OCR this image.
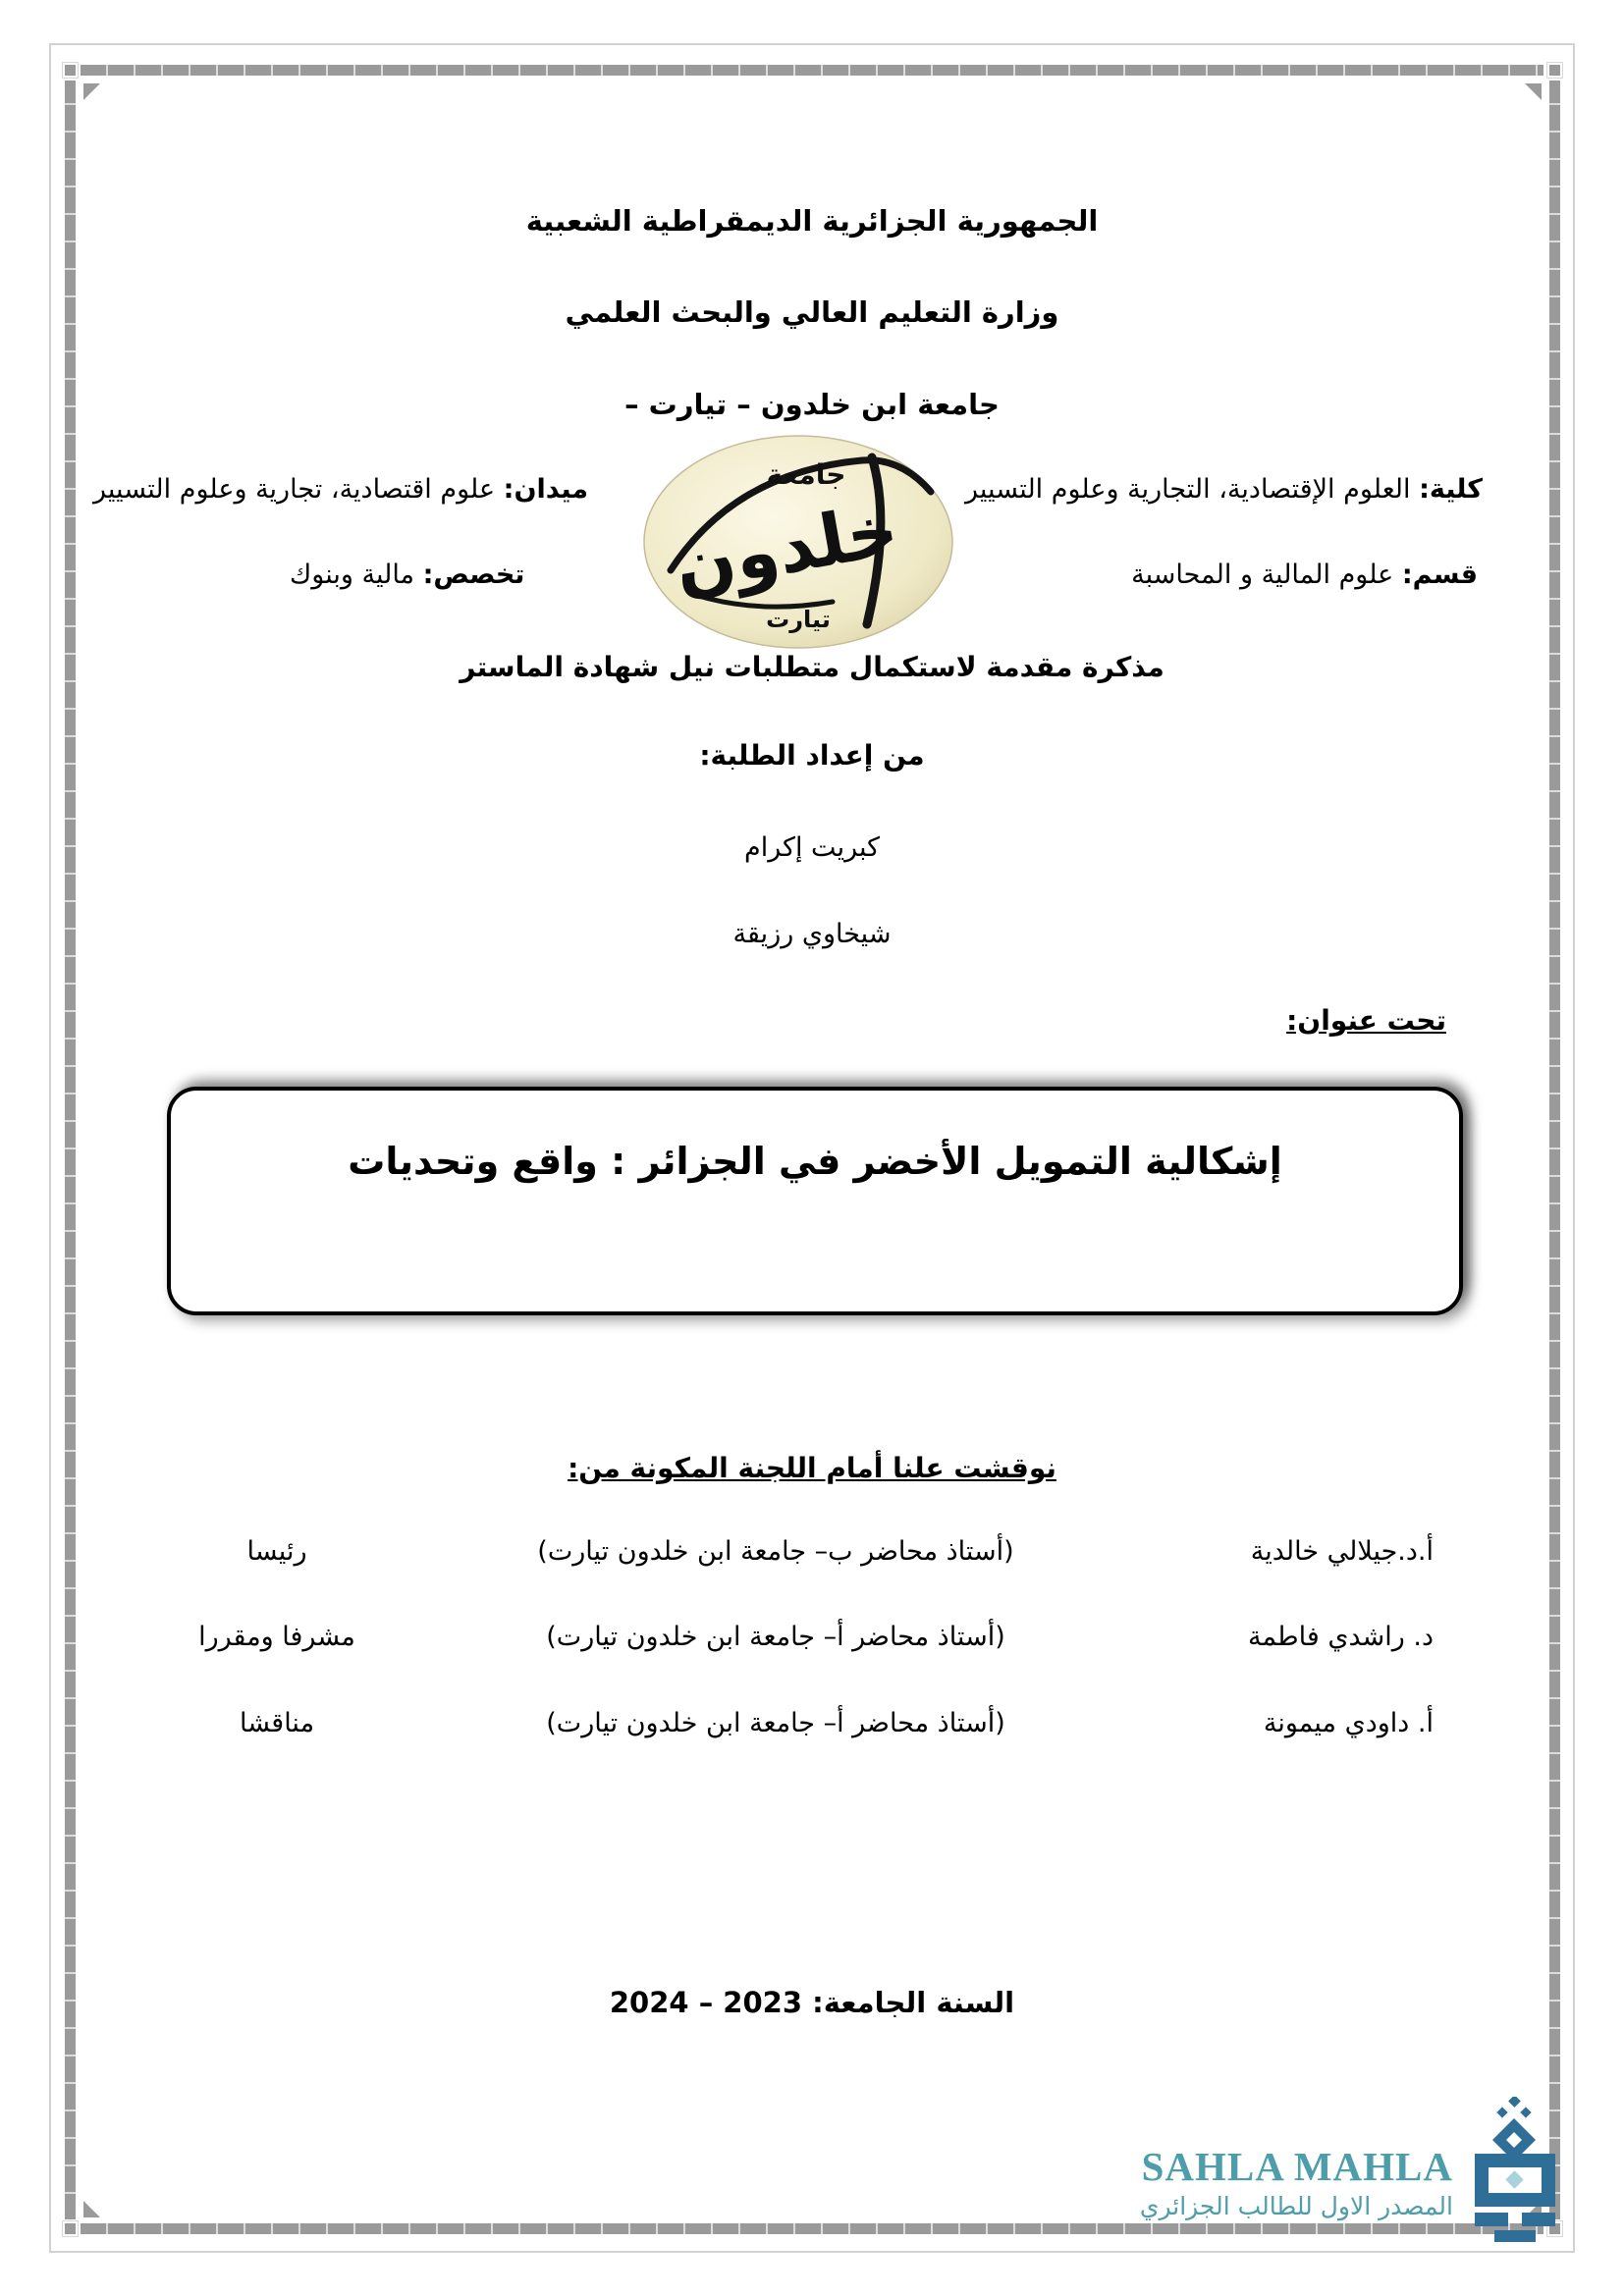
الجمهورية الجزائرية الديمقراطية الشعبية
وزارة التعليم العالي والبحث العلمي
جامعة ابن خلدون – تيارت –
جامعة
خلدون
تيارت
كلية: العلوم الإقتصادية، التجارية وعلوم التسيير
ميدان: علوم اقتصادية، تجارية وعلوم التسيير
قسم: علوم المالية و المحاسبة
تخصص: مالية وبنوك
مذكرة مقدمة لاستكمال متطلبات نيل شهادة الماستر
من إعداد الطلبة:
كبريت إكرام
شيخاوي رزيقة
تحت عنوان:
إشكالية التمويل الأخضر في الجزائر : واقع وتحديات
نوقشت علنا أمام اللجنة المكونة من:
أ.د.جيلالي خالدية
(أستاذ محاضر ب– جامعة ابن خلدون تيارت)
رئيسا
د. راشدي فاطمة
(أستاذ محاضر أ– جامعة ابن خلدون تيارت)
مشرفا ومقررا
أ. داودي ميمونة
(أستاذ محاضر أ– جامعة ابن خلدون تيارت)
مناقشا
السنة الجامعة: 2023 – 2024
SAHLA MAHLA
المصدر الاول للطالب الجزائري
